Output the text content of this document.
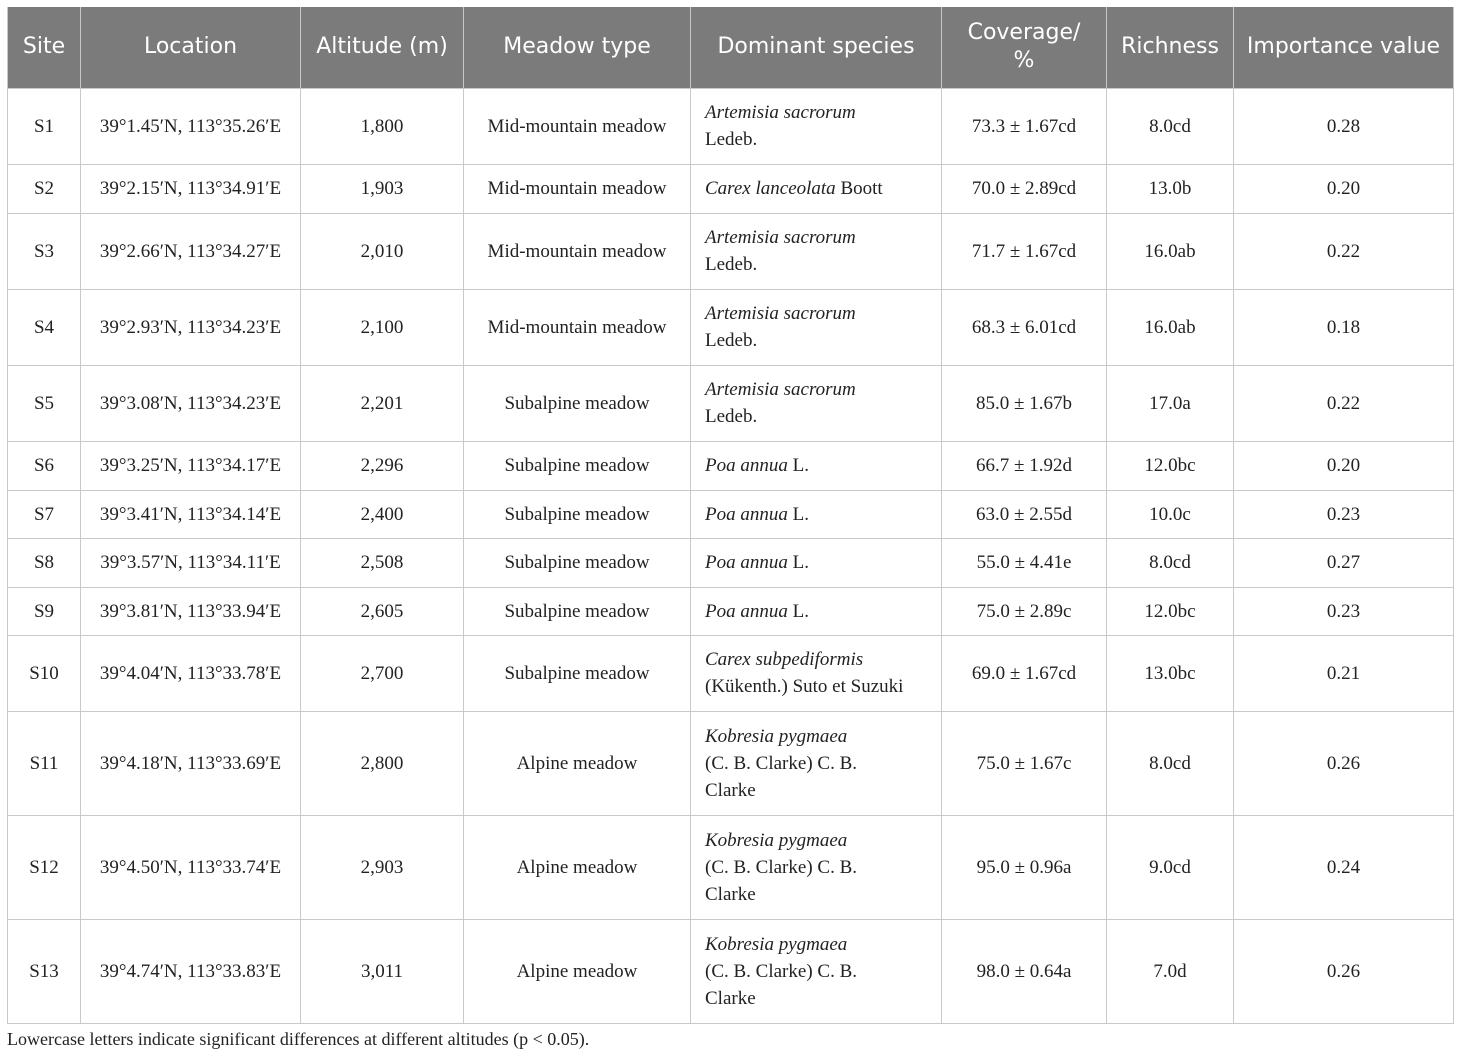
Site	Location	Altitude (m)	Meadow type	Dominant species	Coverage/ %	Richness	Importance value
S1	39°1.45′N, 113°35.26′E	1,800	Mid-mountain meadow	Artemisia sacrorum
Ledeb.	73.3 ± 1.67cd	8.0cd	0.28
S2	39°2.15′N, 113°34.91′E	1,903	Mid-mountain meadow	Carex lanceolata Boott	70.0 ± 2.89cd	13.0b	0.20
S3	39°2.66′N, 113°34.27′E	2,010	Mid-mountain meadow	Artemisia sacrorum
Ledeb.	71.7 ± 1.67cd	16.0ab	0.22
S4	39°2.93′N, 113°34.23′E	2,100	Mid-mountain meadow	Artemisia sacrorum
Ledeb.	68.3 ± 6.01cd	16.0ab	0.18
S5	39°3.08′N, 113°34.23′E	2,201	Subalpine meadow	Artemisia sacrorum
Ledeb.	85.0 ± 1.67b	17.0a	0.22
S6	39°3.25′N, 113°34.17′E	2,296	Subalpine meadow	Poa annua L.	66.7 ± 1.92d	12.0bc	0.20
S7	39°3.41′N, 113°34.14′E	2,400	Subalpine meadow	Poa annua L.	63.0 ± 2.55d	10.0c	0.23
S8	39°3.57′N, 113°34.11′E	2,508	Subalpine meadow	Poa annua L.	55.0 ± 4.41e	8.0cd	0.27
S9	39°3.81′N, 113°33.94′E	2,605	Subalpine meadow	Poa annua L.	75.0 ± 2.89c	12.0bc	0.23
S10	39°4.04′N, 113°33.78′E	2,700	Subalpine meadow	Carex subpediformis
(Kükenth.) Suto et Suzuki	69.0 ± 1.67cd	13.0bc	0.21
S11	39°4.18′N, 113°33.69′E	2,800	Alpine meadow	Kobresia pygmaea
(C. B. Clarke) C. B.
Clarke	75.0 ± 1.67c	8.0cd	0.26
S12	39°4.50′N, 113°33.74′E	2,903	Alpine meadow	Kobresia pygmaea
(C. B. Clarke) C. B.
Clarke	95.0 ± 0.96a	9.0cd	0.24
S13	39°4.74′N, 113°33.83′E	3,011	Alpine meadow	Kobresia pygmaea
(C. B. Clarke) C. B.
Clarke	98.0 ± 0.64a	7.0d	0.26
Lowercase letters indicate significant differences at different altitudes (p < 0.05).
